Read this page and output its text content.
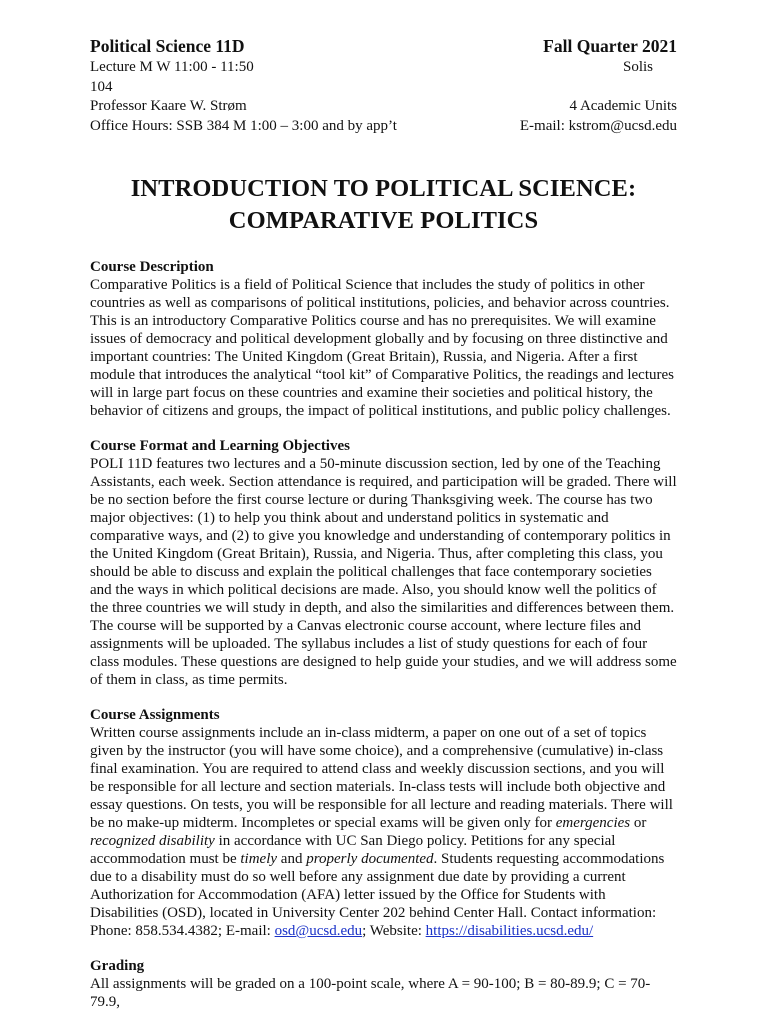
Political Science 11D	Fall Quarter 2021
Lecture M W 11:00 - 11:50	Solis
104
Professor Kaare W. Strøm	4 Academic Units
Office Hours: SSB 384 M 1:00 – 3:00 and by app’t	E-mail: kstrom@ucsd.edu
INTRODUCTION TO POLITICAL SCIENCE:
COMPARATIVE POLITICS
Course Description

Comparative Politics is a field of Political Science that includes the study of politics in other countries as well as comparisons of political institutions, policies, and behavior across countries. This is an introductory Comparative Politics course and has no prerequisites. We will examine issues of democracy and political development globally and by focusing on three distinctive and important countries: The United Kingdom (Great Britain), Russia, and Nigeria. After a first module that introduces the analytical “tool kit” of Comparative Politics, the readings and lectures will in large part focus on these countries and examine their societies and political history, the behavior of citizens and groups, the impact of political institutions, and public policy challenges.

Course Format and Learning Objectives

POLI 11D features two lectures and a 50-minute discussion section, led by one of the Teaching Assistants, each week. Section attendance is required, and participation will be graded. There will be no section before the first course lecture or during Thanksgiving week. The course has two major objectives: (1) to help you think about and understand politics in systematic and comparative ways, and (2) to give you knowledge and understanding of contemporary politics in the United Kingdom (Great Britain), Russia, and Nigeria. Thus, after completing this class, you should be able to discuss and explain the political challenges that face contemporary societies and the ways in which political decisions are made. Also, you should know well the politics of the three countries we will study in depth, and also the similarities and differences between them. The course will be supported by a Canvas electronic course account, where lecture files and assignments will be uploaded. The syllabus includes a list of study questions for each of four class modules. These questions are designed to help guide your studies, and we will address some of them in class, as time permits.

Course Assignments

Written course assignments include an in-class midterm, a paper on one out of a set of topics given by the instructor (you will have some choice), and a comprehensive (cumulative) in-class final examination. You are required to attend class and weekly discussion sections, and you will be responsible for all lecture and section materials. In-class tests will include both objective and essay questions. On tests, you will be responsible for all lecture and reading materials. There will be no make-up midterm. Incompletes or special exams will be given only for emergencies or recognized disability in accordance with UC San Diego policy. Petitions for any special accommodation must be timely and properly documented. Students requesting accommodations due to a disability must do so well before any assignment due date by providing a current Authorization for Accommodation (AFA) letter issued by the Office for Students with Disabilities (OSD), located in University Center 202 behind Center Hall. Contact information: Phone: 858.534.4382; E-mail: osd@ucsd.edu; Website: https://disabilities.ucsd.edu/

Grading

All assignments will be graded on a 100-point scale, where A = 90-100; B = 80-89.9; C = 70-79.9,
